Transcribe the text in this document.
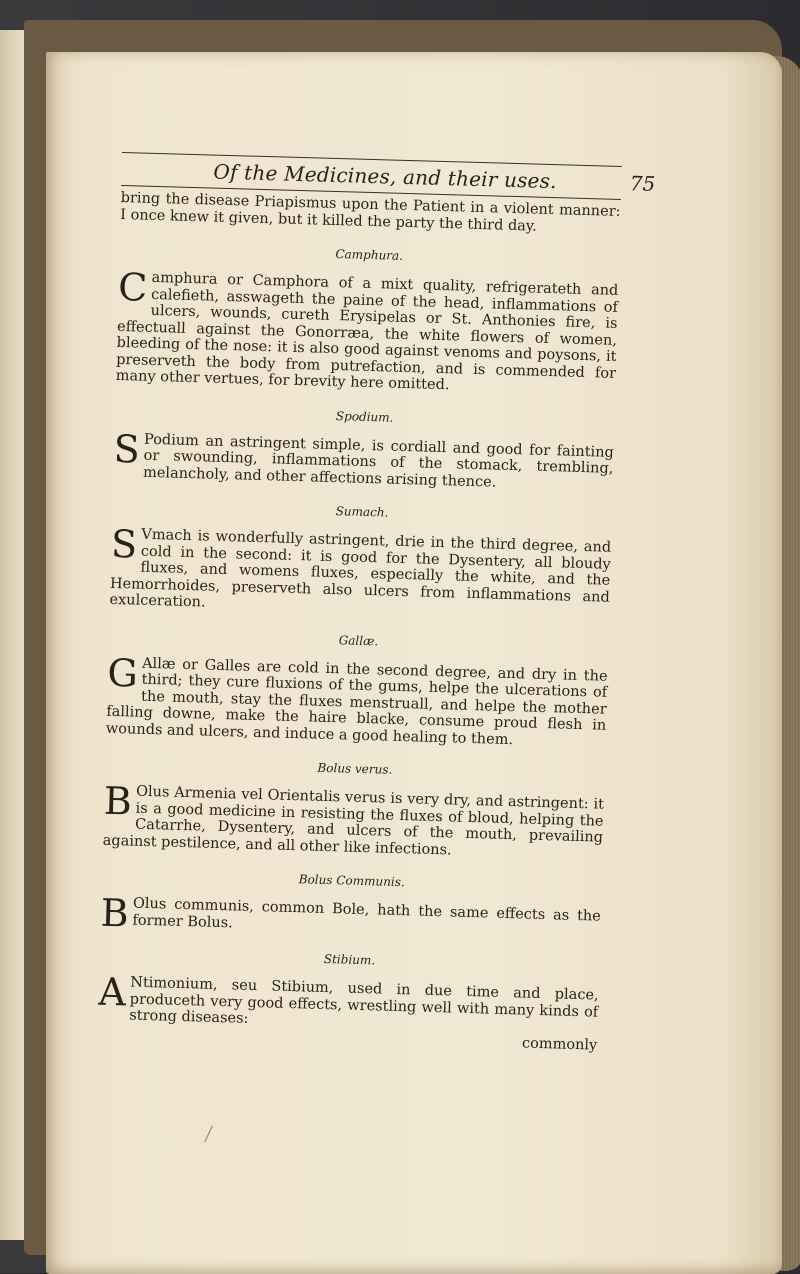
Of the Medicines, and their uses.	75

bring the disease Priapismus upon the Patient in a violent manner: I once knew it given, but it killed the party the third day.

Camphura.
C amphura or Camphora of a mixt quality, refrigerateth and calefieth, asswageth the paine of the head, inflammations of ulcers, wounds, cureth Erysipelas or St. Anthonies fire, is effectuall against the Gonorræa, the white flowers of women, bleeding of the nose: it is also good against venoms and poysons, it preserveth the body from putrefaction, and is commended for many other vertues, for brevity here omitted.

Spodium.
S Podium an astringent simple, is cordiall and good for fainting or swounding, inflammations of the stomack, trembling, melancholy, and other affections arising thence.

Sumach.
S Vmach is wonderfully astringent, drie in the third degree, and cold in the second: it is good for the Dysentery, all bloudy fluxes, and womens fluxes, especially the white, and the Hemorrhoides, preserveth also ulcers from inflammations and exulceration.

Gallæ.
G Allæ or Galles are cold in the second degree, and dry in the third; they cure fluxions of the gums, helpe the ulcerations of the mouth, stay the fluxes menstruall, and helpe the mother falling downe, make the haire blacke, consume proud flesh in wounds and ulcers, and induce a good healing to them.

Bolus verus.
B Olus Armenia vel Orientalis verus is very dry, and astringent: it is a good medicine in resisting the fluxes of bloud, helping the Catarrhe, Dysentery, and ulcers of the mouth, prevailing against pestilence, and all other like infections.

Bolus Communis.
B Olus communis, common Bole, hath the same effects as the former Bolus.

Stibium.
A Ntimonium, seu Stibium, used in due time and place, produceth very good effects, wrestling well with many kinds of strong diseases:

commonly
